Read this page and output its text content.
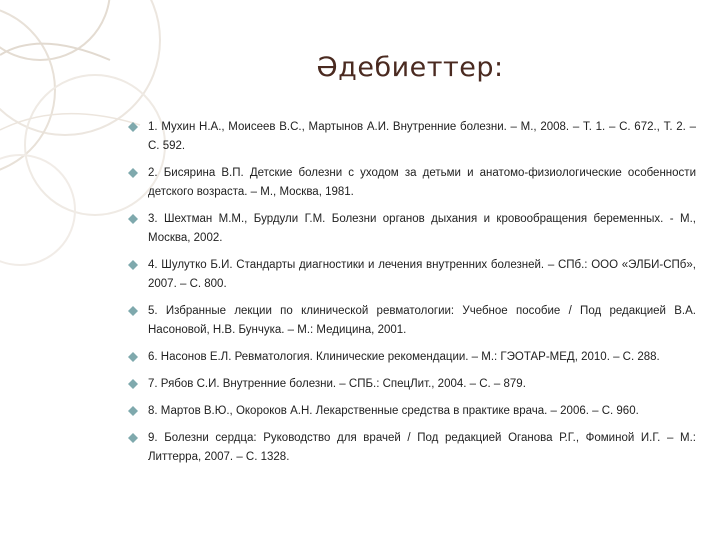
Әдебиеттер:
1. Мухин Н.А., Моисеев В.С., Мартынов А.И. Внутренние болезни. – М., 2008. – Т. 1. – С. 672., Т. 2. – С. 592.
2. Бисярина В.П. Детские болезни с уходом за детьми и анатомо-физиологические особенности детского возраста. – М., Москва, 1981.
3. Шехтман М.М., Бурдули Г.М. Болезни органов дыхания и кровообращения беременных. - М., Москва, 2002.
4. Шулутко Б.И. Стандарты диагностики и лечения внутренних болезней. – СПб.: ООО «ЭЛБИ-СПб», 2007. – С. 800.
5. Избранные лекции по клинической ревматологии: Учебное пособие / Под редакцией В.А. Насоновой, Н.В. Бунчука. – М.: Медицина, 2001.
6. Насонов Е.Л. Ревматология. Клинические рекомендации. – М.: ГЭОТАР-МЕД, 2010. – С. 288.
7. Рябов С.И. Внутренние болезни. – СПБ.: СпецЛит., 2004. – С. – 879.
8. Мартов В.Ю., Окороков А.Н. Лекарственные средства в практике врача. – 2006. – С. 960.
9. Болезни сердца: Руководство для врачей / Под редакцией Оганова Р.Г., Фоминой И.Г. – М.: Литтерра, 2007. – С. 1328.
